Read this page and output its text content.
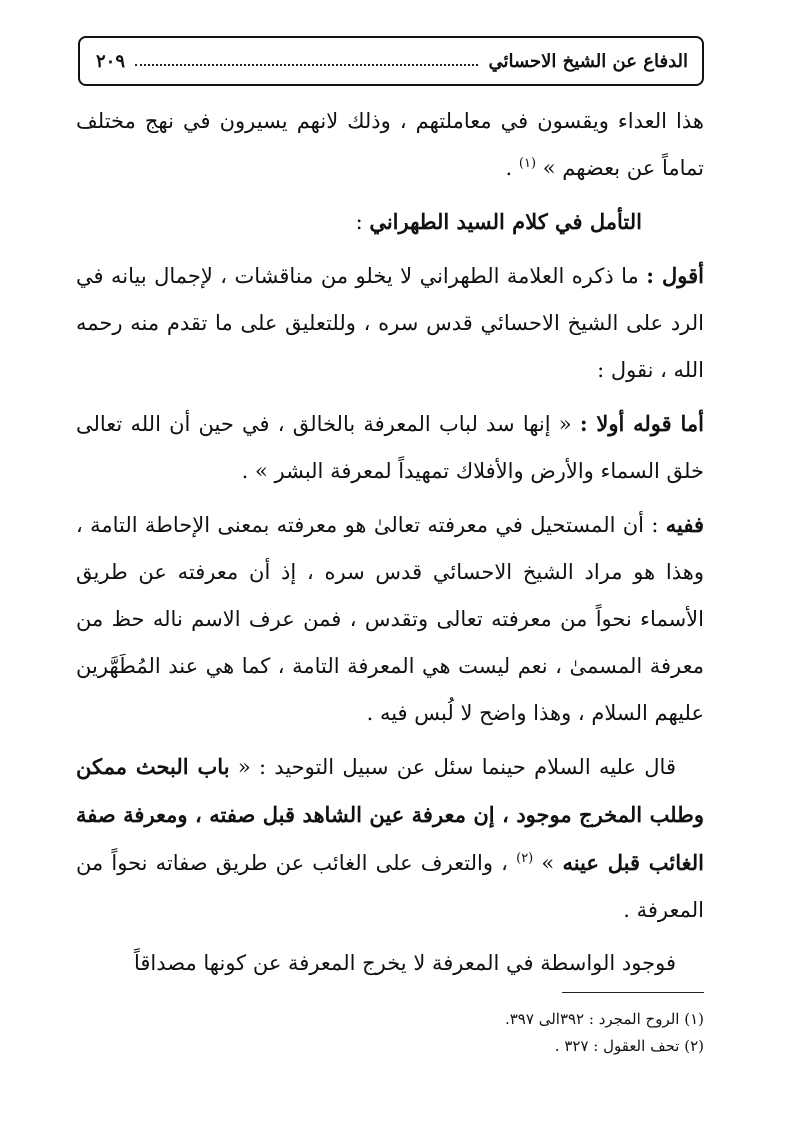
الدفاع عن الشيخ الاحسائي
٢٠٩

هذا العداء ويقسون في معاملتهم ، وذلك لانهم يسيرون في نهج مختلف تماماً عن بعضهم » $^{(١)}$ .

التأمل في كلام السيد الطهراني :

أقول : ما ذكره العلامة الطهراني لا يخلو من مناقشات ، لإجمال بيانه في الرد على الشيخ الاحسائي قدس سره ، وللتعليق على ما تقدم منه رحمه الله ، نقول :

أما قوله أولا : « إنها سد لباب المعرفة بالخالق ، في حين أن الله تعالى خلق السماء والأرض والأفلاك تمهيداً لمعرفة البشر » .

ففيه : أن المستحيل في معرفته تعالىٰ هو معرفته بمعنى الإحاطة التامة ، وهذا هو مراد الشيخ الاحسائي قدس سره ، إذ أن معرفته عن طريق الأسماء نحواً من معرفته تعالى وتقدس ، فمن عرف الاسم ناله حظ من معرفة المسمىٰ ، نعم ليست هي المعرفة التامة ، كما هي عند المُطَهَّرين عليهم السلام ، وهذا واضح لا لُبس فيه .

قال عليه السلام حينما سئل عن سبيل التوحيد : « باب البحث ممكن وطلب المخرج موجود ، إن معرفة عين الشاهد قبل صفته ، ومعرفة صفة الغائب قبل عينه » $^{(٢)}$ ، والتعرف على الغائب عن طريق صفاته نحواً من المعرفة .

فوجود الواسطة في المعرفة لا يخرج المعرفة عن كونها مصداقاً

(١) الروح المجرد : ٣٩٢الى ٣٩٧.
(٢) تحف العقول : ٣٢٧ .
